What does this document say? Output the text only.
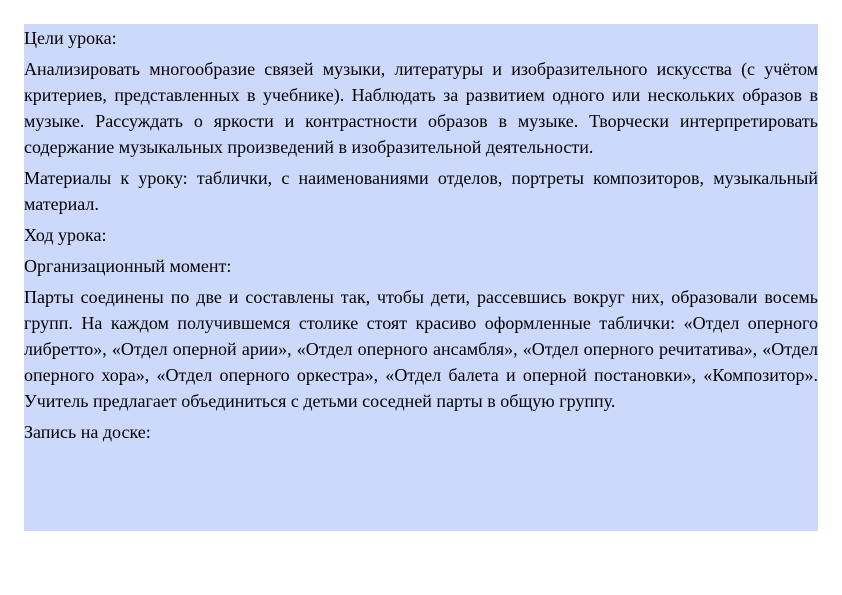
Цели урока:

Анализировать многообразие связей музыки, литературы и изобразительного искусства (с учётом критериев, представленных в учебнике). Наблюдать за развитием одного или нескольких образов в музыке. Рассуждать о яркости и контрастности образов в музыке. Творчески интерпретировать содержание музыкальных произведений в изобразительной деятельности.

Материалы к уроку: таблички, с наименованиями отделов, портреты композиторов, музыкальный материал.

Ход урока:

Организационный момент:

Парты соединены по две и составлены так, чтобы дети, рассевшись вокруг них, образовали восемь групп. На каждом получившемся столике стоят красиво оформленные таблички: «Отдел оперного либретто», «Отдел оперной арии», «Отдел оперного ансамбля», «Отдел оперного речитатива», «Отдел оперного хора», «Отдел оперного оркестра», «Отдел балета и оперной постановки», «Композитор». Учитель предлагает объединиться с детьми соседней парты в общую группу.

Запись на доске:
